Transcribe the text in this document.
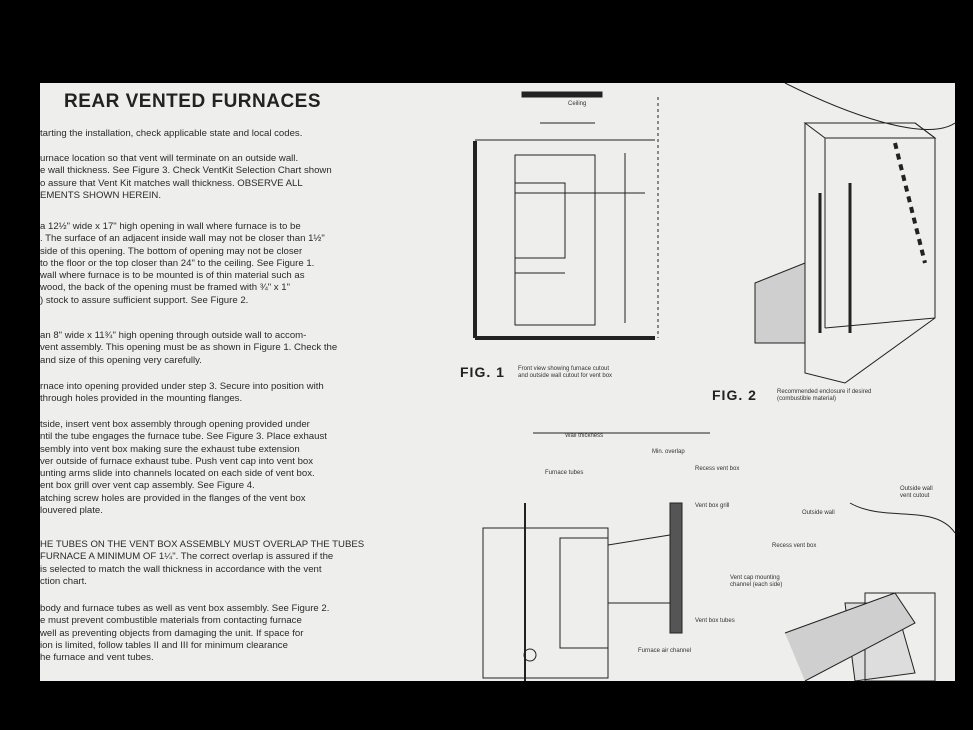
REAR VENTED FURNACES
tarting the installation, check applicable state and local codes.
urnace location so that vent will terminate on an outside wall.
e wall thickness. See Figure 3. Check VentKit Selection Chart shown
o assure that Vent Kit matches wall thickness. OBSERVE ALL
EMENTS SHOWN HEREIN.
a 12½" wide x 17" high opening in wall where furnace is to be
. The surface of an adjacent inside wall may not be closer than 1½"
side of this opening. The bottom of opening may not be closer
to the floor or the top closer than 24" to the ceiling. See Figure 1.
wall where furnace is to be mounted is of thin material such as
wood, the back of the opening must be framed with ¾" x 1"
) stock to assure sufficient support. See Figure 2.
an 8" wide x 11¾" high opening through outside wall to accom-
vent assembly. This opening must be as shown in Figure 1. Check the
and size of this opening very carefully.
rnace into opening provided under step 3. Secure into position with
through holes provided in the mounting flanges.
tside, insert vent box assembly through opening provided under
ntil the tube engages the furnace tube. See Figure 3. Place exhaust
sembly into vent box making sure the exhaust tube extension
ver outside of furnace exhaust tube. Push vent cap into vent box
unting arms slide into channels located on each side of vent box.
ent box grill over vent cap assembly. See Figure 4.
atching screw holes are provided in the flanges of the vent box
louvered plate.
HE TUBES ON THE VENT BOX ASSEMBLY MUST OVERLAP THE TUBES
FURNACE A MINIMUM OF 1¼". The correct overlap is assured if the
is selected to match the wall thickness in accordance with the vent
ction chart.
body and furnace tubes as well as vent box assembly. See Figure 2.
e must prevent combustible materials from contacting furnace
well as preventing objects from damaging the unit. If space for
ion is limited, follow tables II and III for minimum clearance
he furnace and vent tubes.
Ceiling
FIG. 1 Front view showing furnace cutout
and outside wall cutout for vent box
FIG. 2	Recommended enclosure if desired
(combustible material)
Wall thickness
Min. overlap
Furnace tubes
Recess vent box
Vent box grill
Vent box tubes
Furnace air channel
Outside wall
vent cutout
Outside wall
Recess vent box
Vent cap mounting channel (each side)
